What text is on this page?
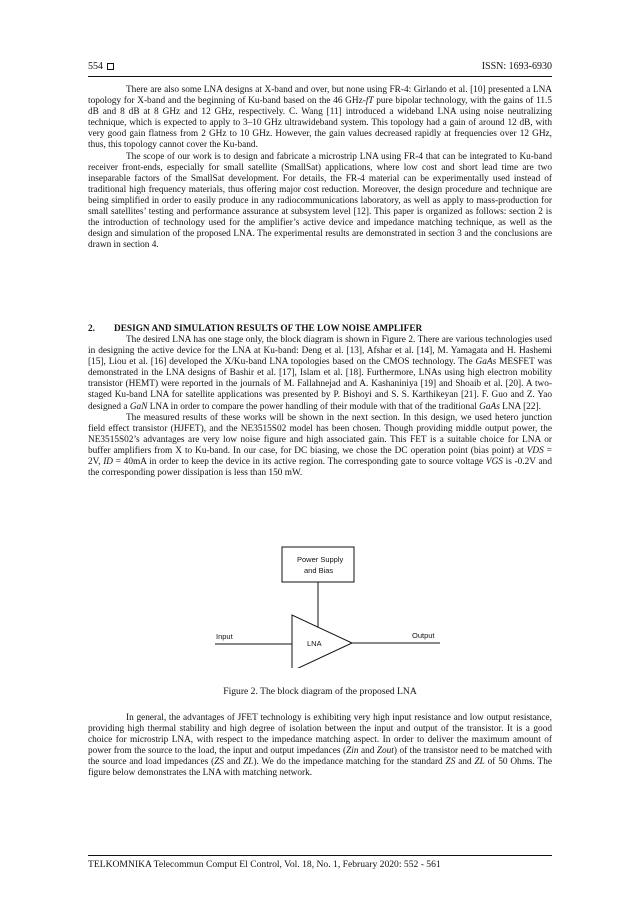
554	ISSN: 1693-6930

There are also some LNA designs at X-band and over, but none using FR-4: Girlando et al. [10] presented a LNA topology for X-band and the beginning of Ku-band based on the 46 GHz-fT pure bipolar technology, with the gains of 11.5 dB and 8 dB at 8 GHz and 12 GHz, respectively. C. Wang [11] introduced a wideband LNA using noise neutralizing technique, which is expected to apply to 3–10 GHz ultrawideband system. This topology had a gain of around 12 dB, with very good gain flatness from 2 GHz to 10 GHz. However, the gain values decreased rapidly at frequencies over 12 GHz, thus, this topology cannot cover the Ku-band.

The scope of our work is to design and fabricate a microstrip LNA using FR-4 that can be integrated to Ku-band receiver front-ends, especially for small satellite (SmallSat) applications, where low cost and short lead time are two inseparable factors of the SmallSat development. For details, the FR-4 material can be experimentally used instead of traditional high frequency materials, thus offering major cost reduction. Moreover, the design procedure and technique are being simplified in order to easily produce in any radiocommunications laboratory, as well as apply to mass-production for small satellites’ testing and performance assurance at subsystem level [12]. This paper is organized as follows: section 2 is the introduction of technology used for the amplifier’s active device and impedance matching technique, as well as the design and simulation of the proposed LNA. The experimental results are demonstrated in section 3 and the conclusions are drawn in section 4.

2. DESIGN AND SIMULATION RESULTS OF THE LOW NOISE AMPLIFER

The desired LNA has one stage only, the block diagram is shown in Figure 2. There are various technologies used in designing the active device for the LNA at Ku-band: Deng et al. [13], Afshar et al. [14], M. Yamagata and H. Hashemi [15], Liou et al. [16] developed the X/Ku-band LNA topologies based on the CMOS technology. The GaAs MESFET was demonstrated in the LNA designs of Bashir et al. [17], Islam et al. [18]. Furthermore, LNAs using high electron mobility transistor (HEMT) were reported in the journals of M. Fallahnejad and A. Kashaniniya [19] and Shoaib et al. [20]. A two-staged Ku-band LNA for satellite applications was presented by P. Bishoyi and S. S. Karthikeyan [21]. F. Guo and Z. Yao designed a GaN LNA in order to compare the power handling of their module with that of the traditional GaAs LNA [22].

The measured results of these works will be shown in the next section. In this design, we used hetero junction field effect transistor (HJFET), and the NE3515S02 model has been chosen. Though providing middle output power, the NE3515S02’s advantages are very low noise figure and high associated gain. This FET is a suitable choice for LNA or buffer amplifiers from X to Ku-band. In our case, for DC biasing, we chose the DC operation point (bias point) at VDS = 2V, ID = 40mA in order to keep the device in its active region. The corresponding gate to source voltage VGS is -0.2V and the corresponding power dissipation is less than 150 mW.

Power Supply
and Bias
Input	Output
LNA
Figure 2. The block diagram of the proposed LNA

In general, the advantages of JFET technology is exhibiting very high input resistance and low output resistance, providing high thermal stability and high degree of isolation between the input and output of the transistor. It is a good choice for microstrip LNA, with respect to the impedance matching aspect. In order to deliver the maximum amount of power from the source to the load, the input and output impedances (Zin and Zout) of the transistor need to be matched with the source and load impedances (ZS and ZL). We do the impedance matching for the standard ZS and ZL of 50 Ohms. The figure below demonstrates the LNA with matching network.

TELKOMNIKA Telecommun Comput El Control, Vol. 18, No. 1, February 2020: 552 - 561
